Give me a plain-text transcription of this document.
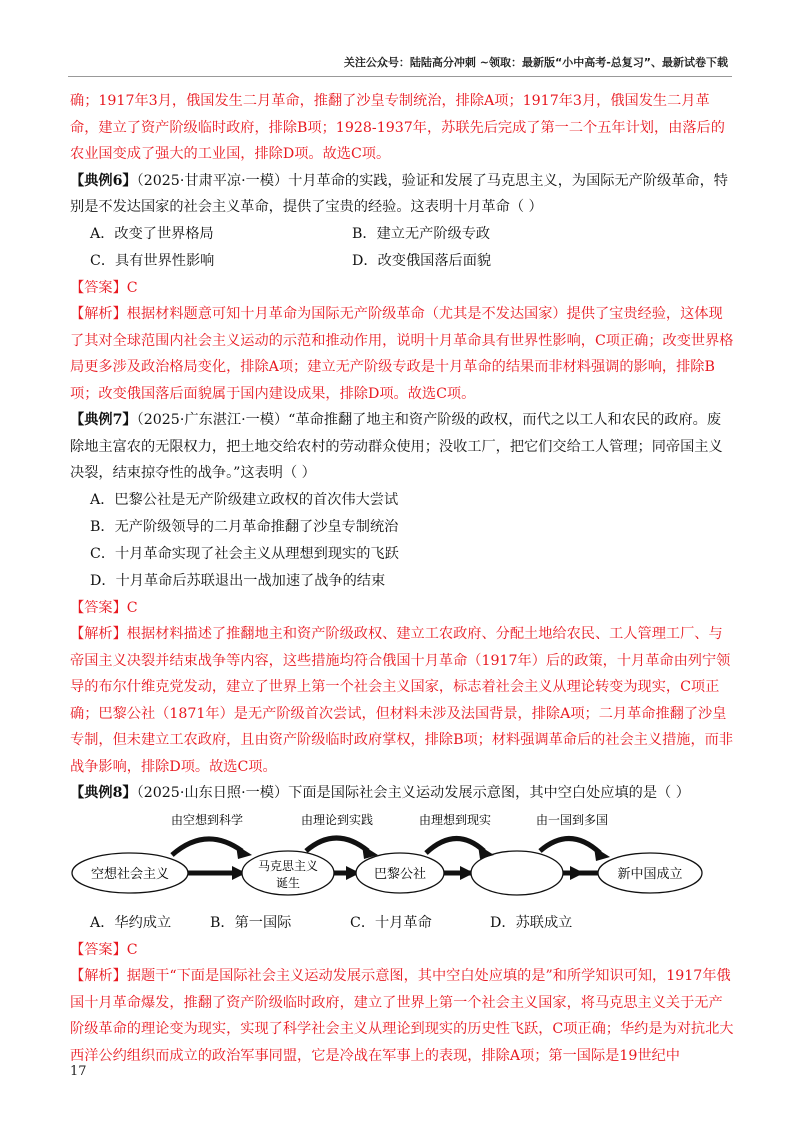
关注公众号：陆陆高分冲刺 ~领取：最新版“小中高考-总复习”、最新试卷下载

确；1917年3月，俄国发生二月革命，推翻了沙皇专制统治，排除A项；1917年3月，俄国发生二月革命，建立了资产阶级临时政府，排除B项；1928-1937年，苏联先后完成了第一二个五年计划，由落后的农业国变成了强大的工业国，排除D项。故选C项。

【典例6】（2025·甘肃平凉·一模）十月革命的实践，验证和发展了马克思主义，为国际无产阶级革命，特别是不发达国家的社会主义革命，提供了宝贵的经验。这表明十月革命（ ）

A．改变了世界格局	B．建立无产阶级专政
C．具有世界性影响	D．改变俄国落后面貌

【答案】C

【解析】根据材料题意可知十月革命为国际无产阶级革命（尤其是不发达国家）提供了宝贵经验，这体现了其对全球范围内社会主义运动的示范和推动作用，说明十月革命具有世界性影响，C项正确；改变世界格局更多涉及政治格局变化，排除A项；建立无产阶级专政是十月革命的结果而非材料强调的影响，排除B项；改变俄国落后面貌属于国内建设成果，排除D项。故选C项。

【典例7】（2025·广东湛江·一模）“革命推翻了地主和资产阶级的政权，而代之以工人和农民的政府。废除地主富农的无限权力，把土地交给农村的劳动群众使用；没收工厂，把它们交给工人管理；同帝国主义决裂，结束掠夺性的战争。”这表明（ ）

A．巴黎公社是无产阶级建立政权的首次伟大尝试
B．无产阶级领导的二月革命推翻了沙皇专制统治
C．十月革命实现了社会主义从理想到现实的飞跃
D．十月革命后苏联退出一战加速了战争的结束

【答案】C

【解析】根据材料描述了推翻地主和资产阶级政权、建立工农政府、分配土地给农民、工人管理工厂、与帝国主义决裂并结束战争等内容，这些措施均符合俄国十月革命（1917年）后的政策，十月革命由列宁领导的布尔什维克党发动，建立了世界上第一个社会主义国家，标志着社会主义从理论转变为现实，C项正确；巴黎公社（1871年）是无产阶级首次尝试，但材料未涉及法国背景，排除A项；二月革命推翻了沙皇专制，但未建立工农政府，且由资产阶级临时政府掌权，排除B项；材料强调革命后的社会主义措施，而非战争影响，排除D项。故选C项。

【典例8】（2025·山东日照·一模）下面是国际社会主义运动发展示意图，其中空白处应填的是（ ）

空想社会主义
马克思主义
诞生
巴黎公社	新中国成立
由空想到科学	由理论到实践	由理想到现实	由一国到多国
A．华约成立	B．第一国际	C．十月革命	D．苏联成立

【答案】C

【解析】据题干“下面是国际社会主义运动发展示意图，其中空白处应填的是”和所学知识可知，1917年俄国十月革命爆发，推翻了资产阶级临时政府，建立了世界上第一个社会主义国家，将马克思主义关于无产阶级革命的理论变为现实，实现了科学社会主义从理论到现实的历史性飞跃，C项正确；华约是为对抗北大西洋公约组织而成立的政治军事同盟，它是冷战在军事上的表现，排除A项；第一国际是19世纪中

17
